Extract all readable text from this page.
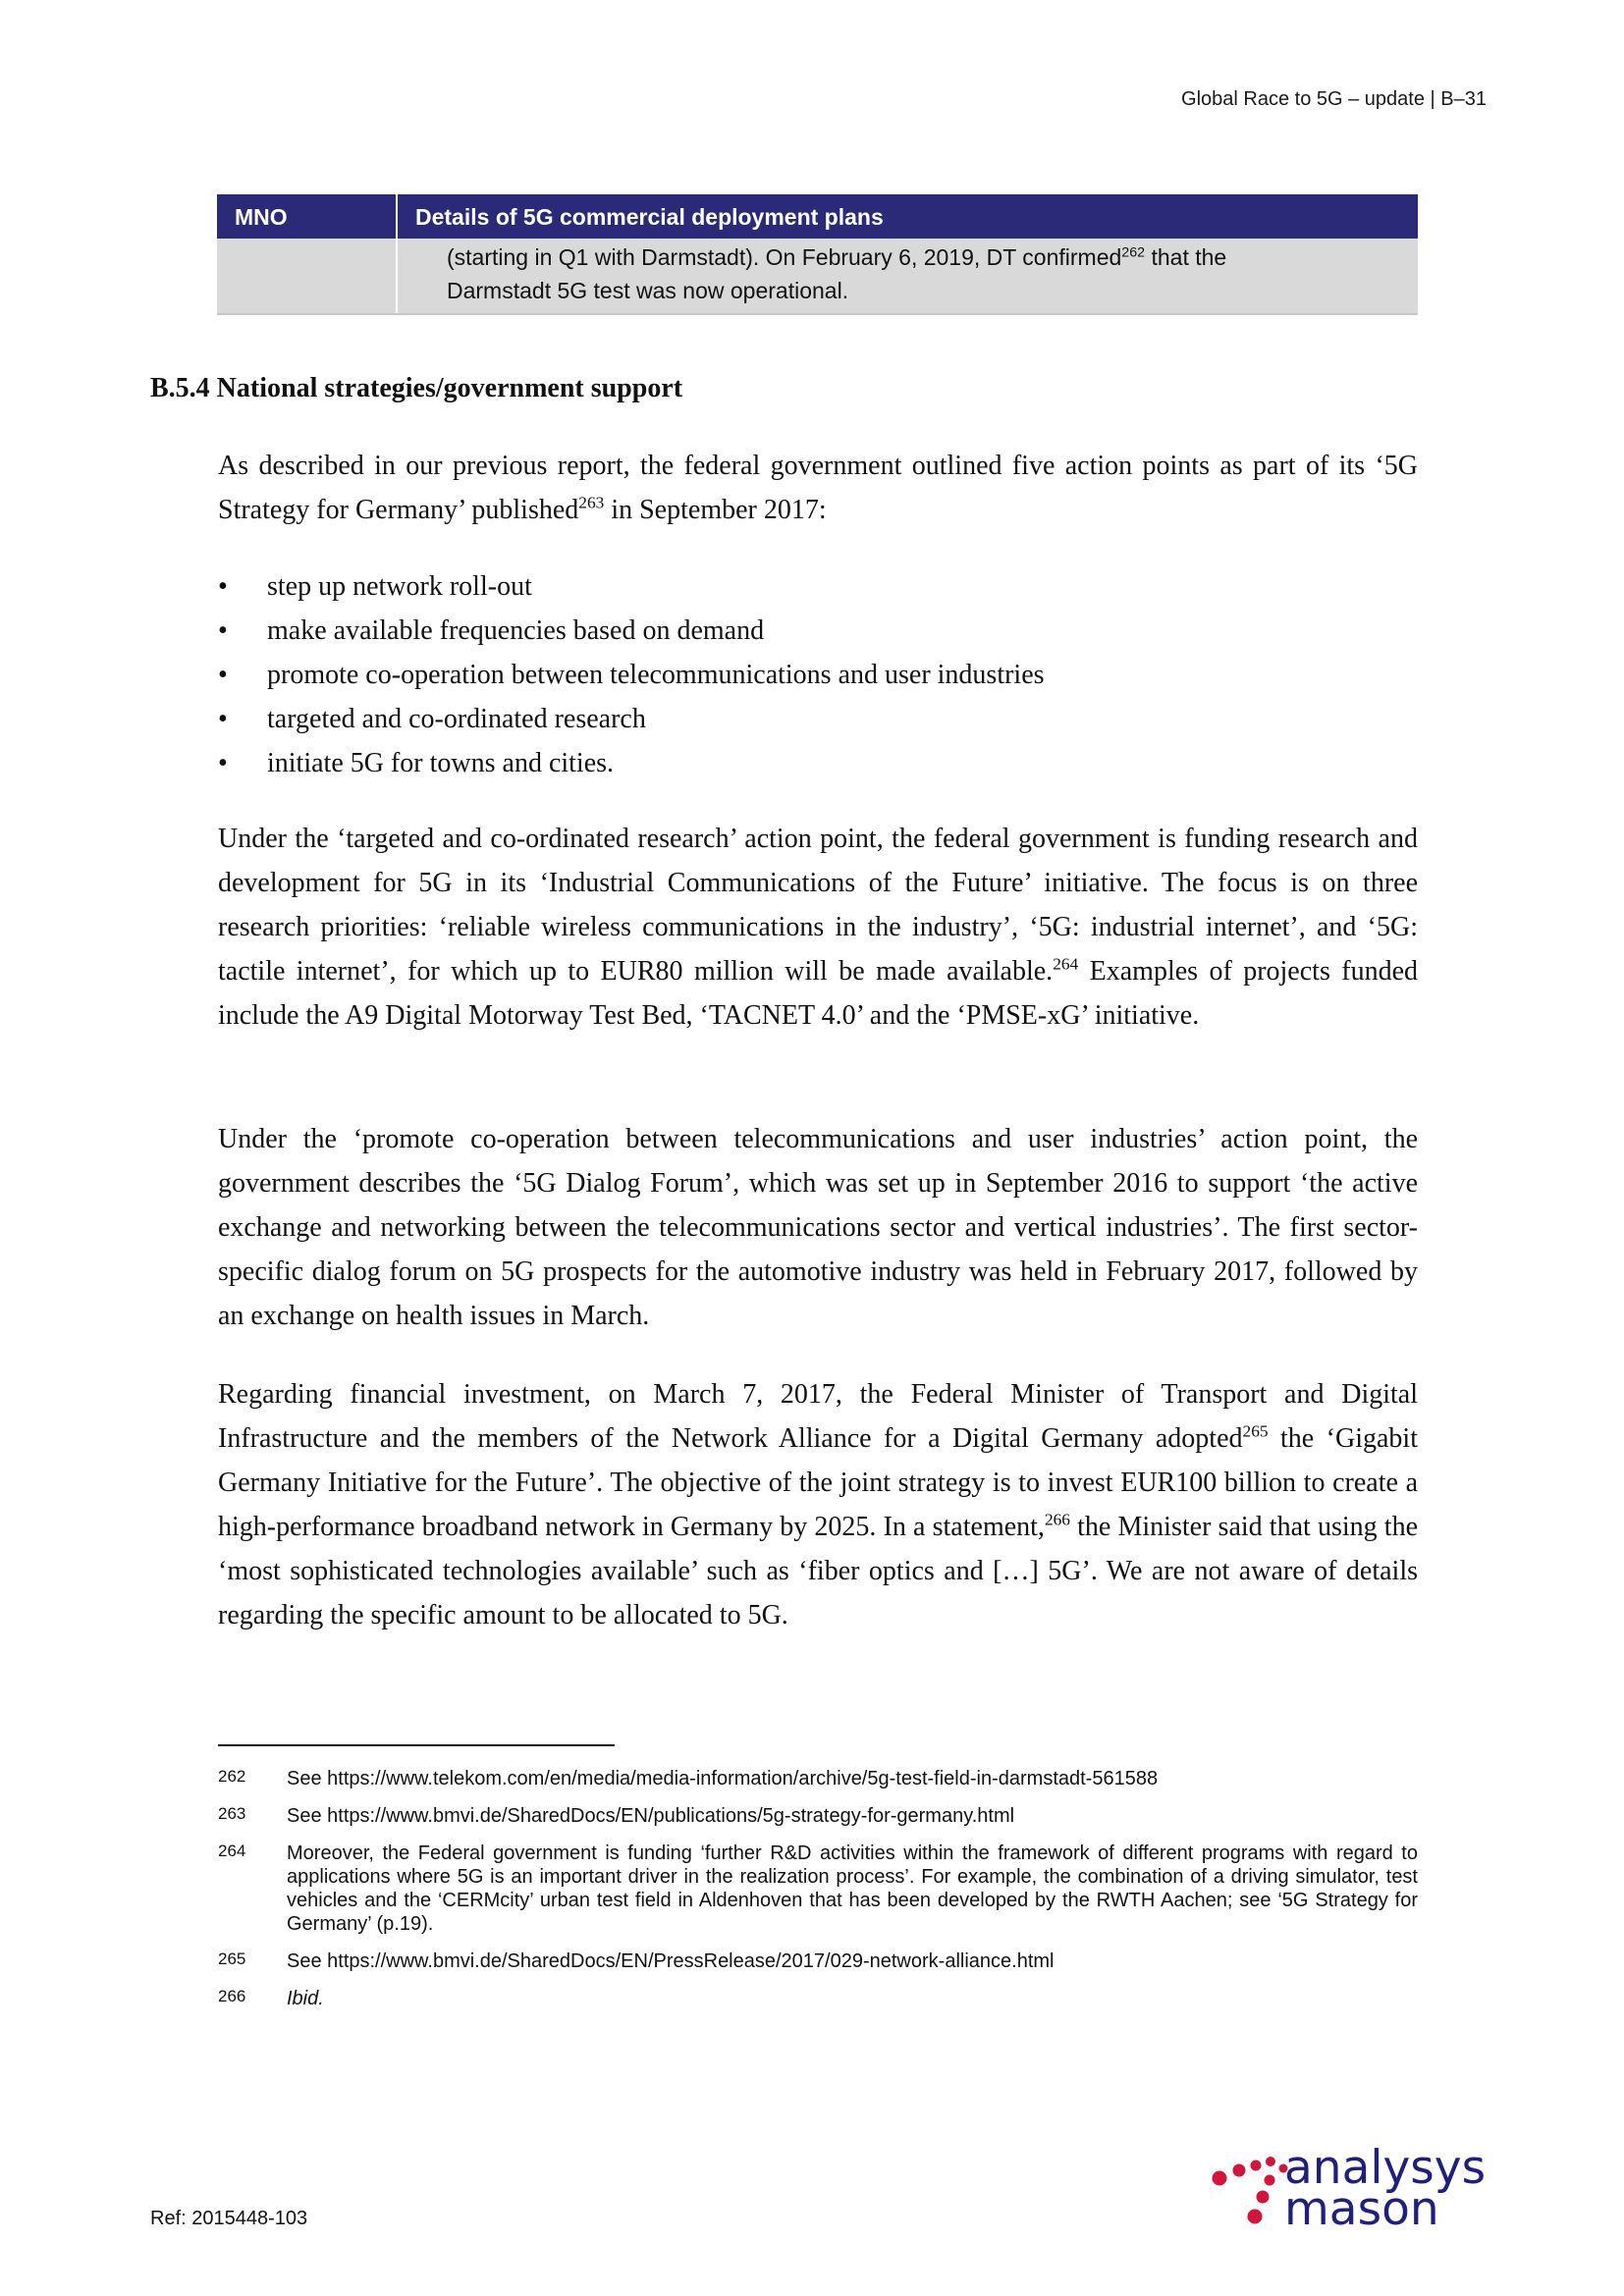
Global Race to 5G – update | B–31
MNO	Details of 5G commercial deployment plans
	(starting in Q1 with Darmstadt). On February 6, 2019, DT confirmed$^{262}$ that the
Darmstadt 5G test was now operational.
B.5.4 National strategies/government support

As described in our previous report, the federal government outlined five action points as part of its ‘5G Strategy for Germany’ published$^{263}$ in September 2017:

• step up network roll-out
• make available frequencies based on demand
• promote co-operation between telecommunications and user industries
• targeted and co-ordinated research
• initiate 5G for towns and cities.

Under the ‘targeted and co-ordinated research’ action point, the federal government is funding research and development for 5G in its ‘Industrial Communications of the Future’ initiative. The focus is on three research priorities: ‘reliable wireless communications in the industry’, ‘5G: industrial internet’, and ‘5G: tactile internet’, for which up to EUR80 million will be made available.$^{264}$ Examples of projects funded include the A9 Digital Motorway Test Bed, ‘TACNET 4.0’ and the ‘PMSE-xG’ initiative.

Under the ‘promote co-operation between telecommunications and user industries’ action point, the government describes the ‘5G Dialog Forum’, which was set up in September 2016 to support ‘the active exchange and networking between the telecommunications sector and vertical industries’. The first sector-specific dialog forum on 5G prospects for the automotive industry was held in February 2017, followed by an exchange on health issues in March.

Regarding financial investment, on March 7, 2017, the Federal Minister of Transport and Digital Infrastructure and the members of the Network Alliance for a Digital Germany adopted$^{265}$ the ‘Gigabit Germany Initiative for the Future’. The objective of the joint strategy is to invest EUR100 billion to create a high-performance broadband network in Germany by 2025. In a statement,$^{266}$ the Minister said that using the ‘most sophisticated technologies available’ such as ‘fiber optics and […] 5G’. We are not aware of details regarding the specific amount to be allocated to 5G.

262	See https://www.telekom.com/en/media/media-information/archive/5g-test-field-in-darmstadt-561588
263	See https://www.bmvi.de/SharedDocs/EN/publications/5g-strategy-for-germany.html
264	Moreover, the Federal government is funding ‘further R&D activities within the framework of different programs with regard to applications where 5G is an important driver in the realization process’. For example, the combination of a driving simulator, test vehicles and the ‘CERMcity’ urban test field in Aldenhoven that has been developed by the RWTH Aachen; see ‘5G Strategy for Germany’ (p.19).
265	See https://www.bmvi.de/SharedDocs/EN/PressRelease/2017/029-network-alliance.html
266	Ibid.
Ref: 2015448-103
analysys
mason
